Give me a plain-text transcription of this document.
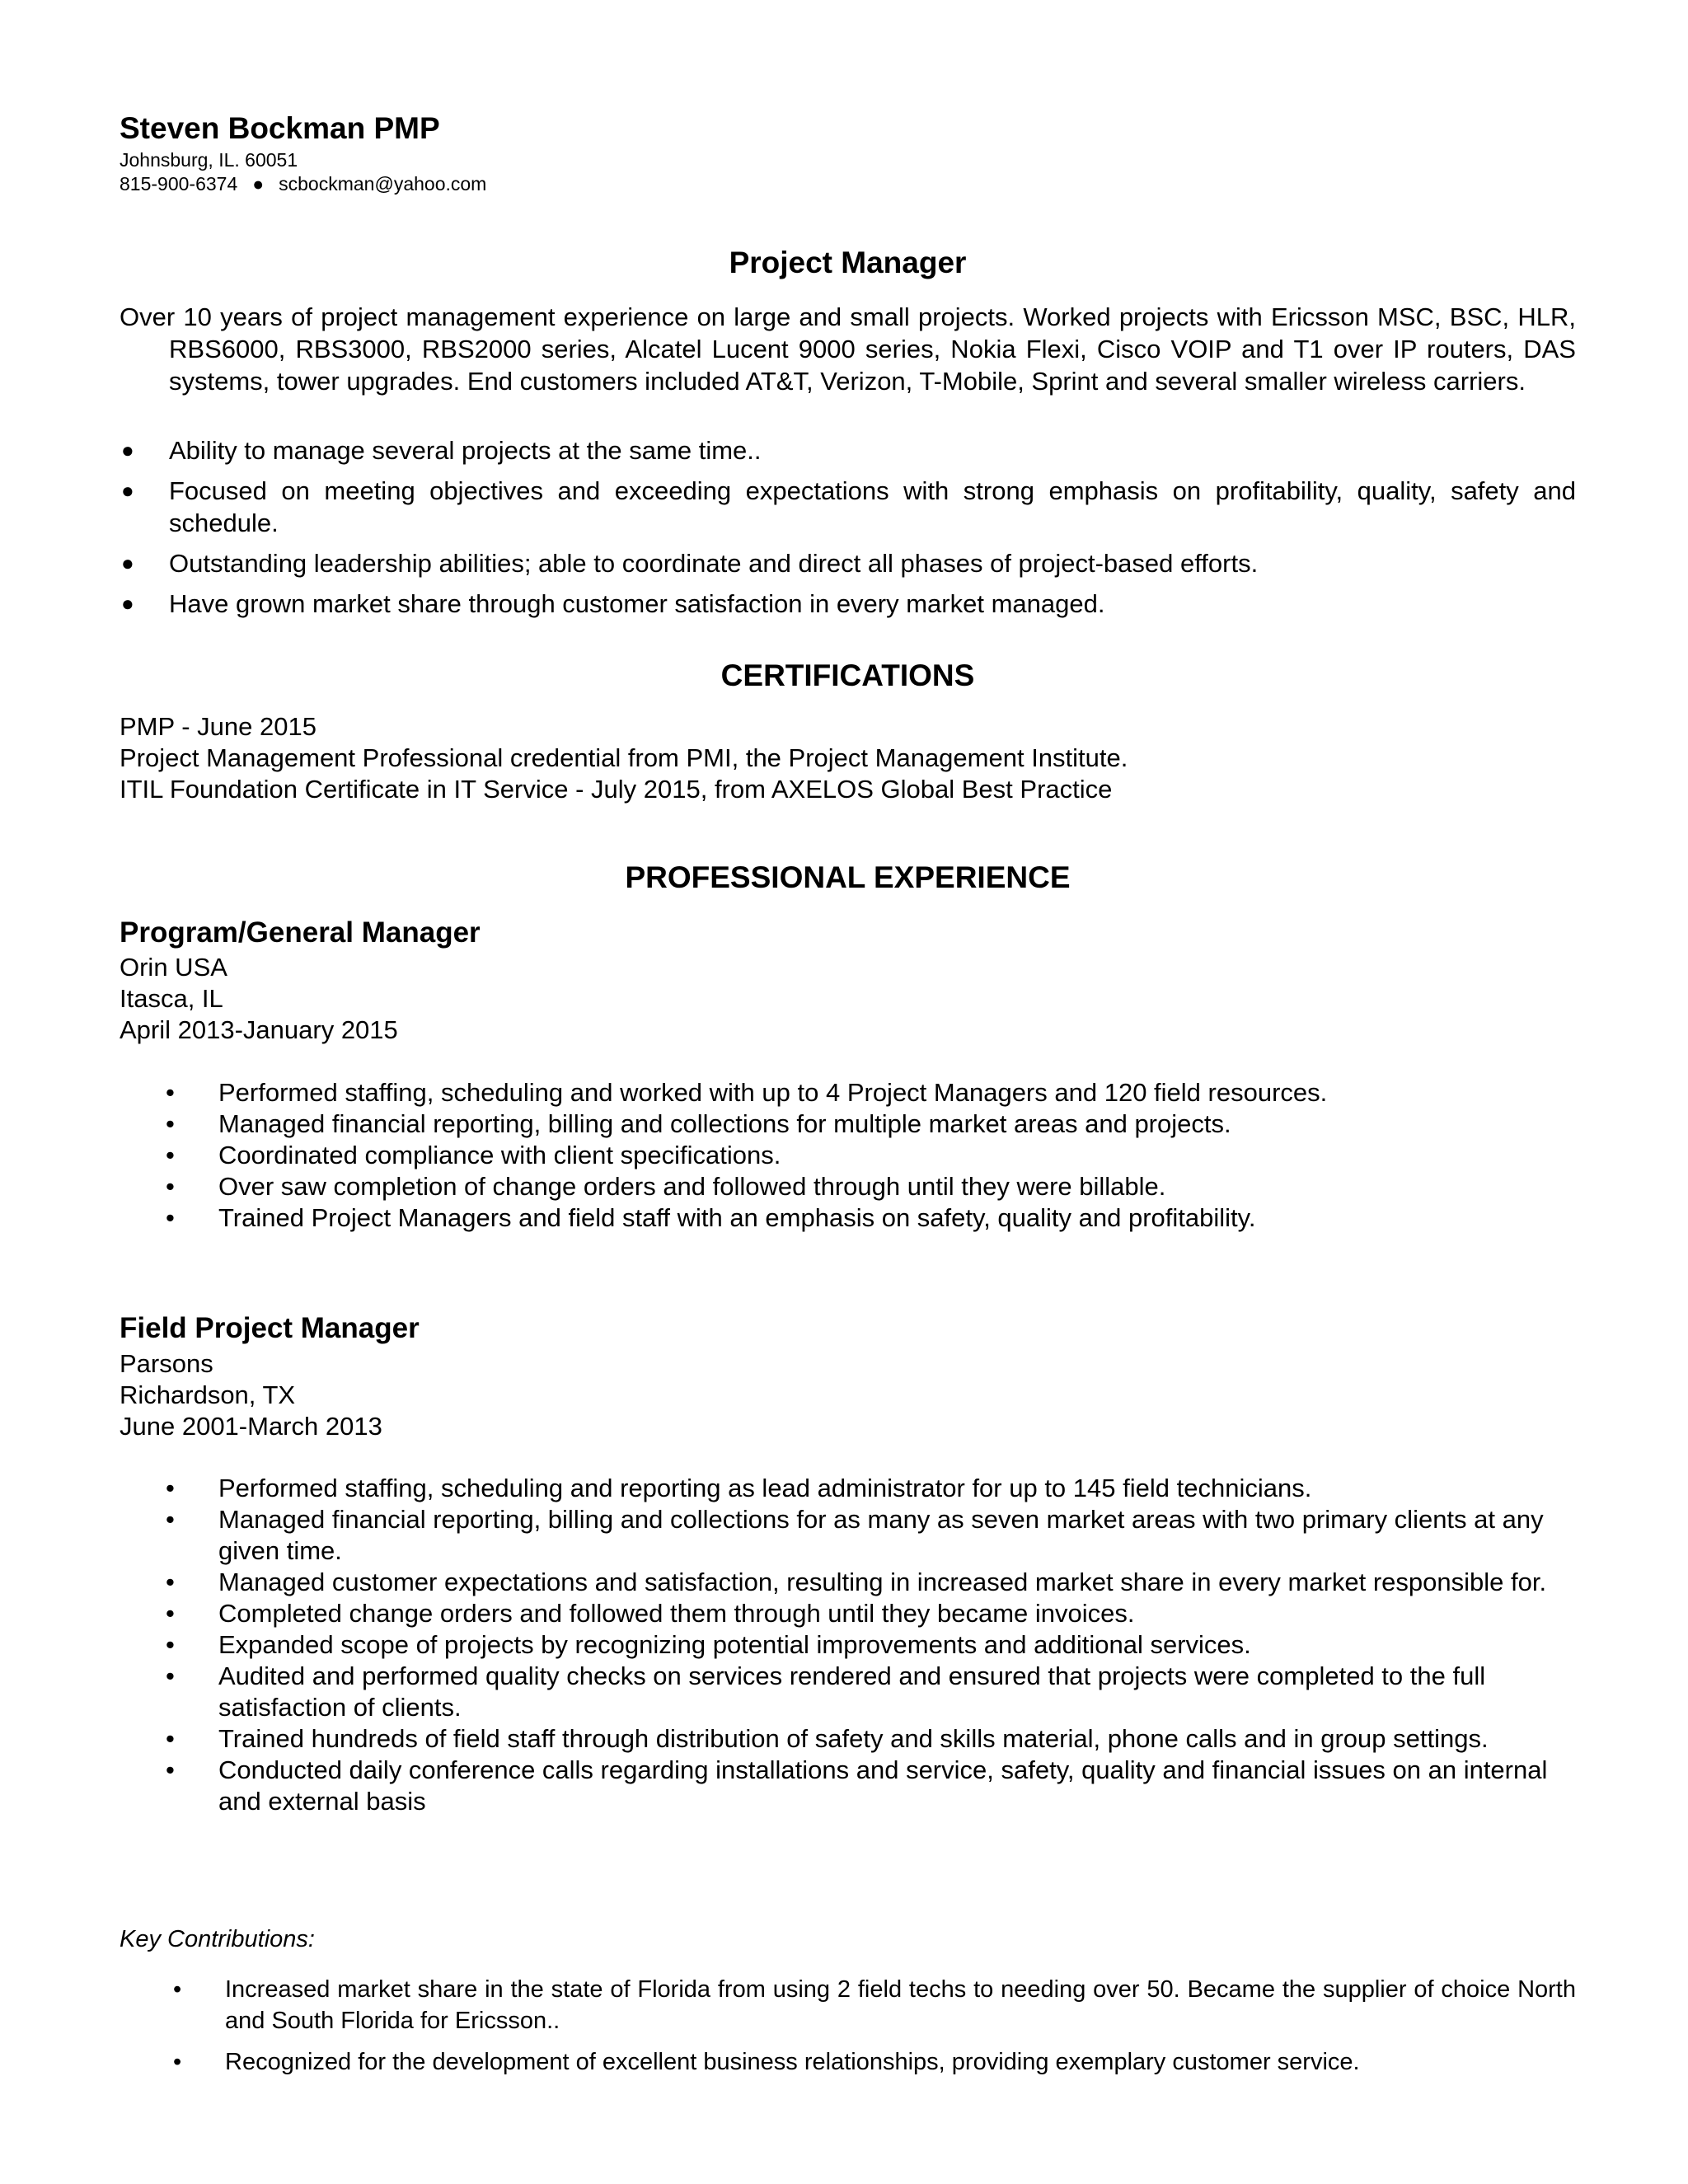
Steven Bockman PMP
Johnsburg, IL. 60051
815-900-6374 ● scbockman@yahoo.com
Project Manager

Over 10 years of project management experience on large and small projects. Worked projects with Ericsson MSC, BSC, HLR, RBS6000, RBS3000, RBS2000 series, Alcatel Lucent 9000 series, Nokia Flexi, Cisco VOIP and T1 over IP routers, DAS systems, tower upgrades. End customers included AT&T, Verizon, T-Mobile, Sprint and several smaller wireless carriers.

● Ability to manage several projects at the same time..
● Focused on meeting objectives and exceeding expectations with strong emphasis on profitability, quality, safety and schedule.
● Outstanding leadership abilities; able to coordinate and direct all phases of project-based efforts.
● Have grown market share through customer satisfaction in every market managed.
CERTIFICATIONS
PMP - June 2015
Project Management Professional credential from PMI, the Project Management Institute.
ITIL Foundation Certificate in IT Service - July 2015, from AXELOS Global Best Practice
PROFESSIONAL EXPERIENCE
Program/General Manager
Orin USA
Itasca, IL
April 2013-January 2015
• Performed staffing, scheduling and worked with up to 4 Project Managers and 120 field resources.
• Managed financial reporting, billing and collections for multiple market areas and projects.
• Coordinated compliance with client specifications.
• Over saw completion of change orders and followed through until they were billable.
• Trained Project Managers and field staff with an emphasis on safety, quality and profitability.
Field Project Manager
Parsons
Richardson, TX
June 2001-March 2013
• Performed staffing, scheduling and reporting as lead administrator for up to 145 field technicians.
• Managed financial reporting, billing and collections for as many as seven market areas with two primary clients at any given time.
• Managed customer expectations and satisfaction, resulting in increased market share in every market responsible for.
• Completed change orders and followed them through until they became invoices.
• Expanded scope of projects by recognizing potential improvements and additional services.
• Audited and performed quality checks on services rendered and ensured that projects were completed to the full satisfaction of clients.
• Trained hundreds of field staff through distribution of safety and skills material, phone calls and in group settings.
• Conducted daily conference calls regarding installations and service, safety, quality and financial issues on an internal and external basis
Key Contributions:
• Increased market share in the state of Florida from using 2 field techs to needing over 50. Became the supplier of choice North and South Florida for Ericsson..
• Recognized for the development of excellent business relationships, providing exemplary customer service.
